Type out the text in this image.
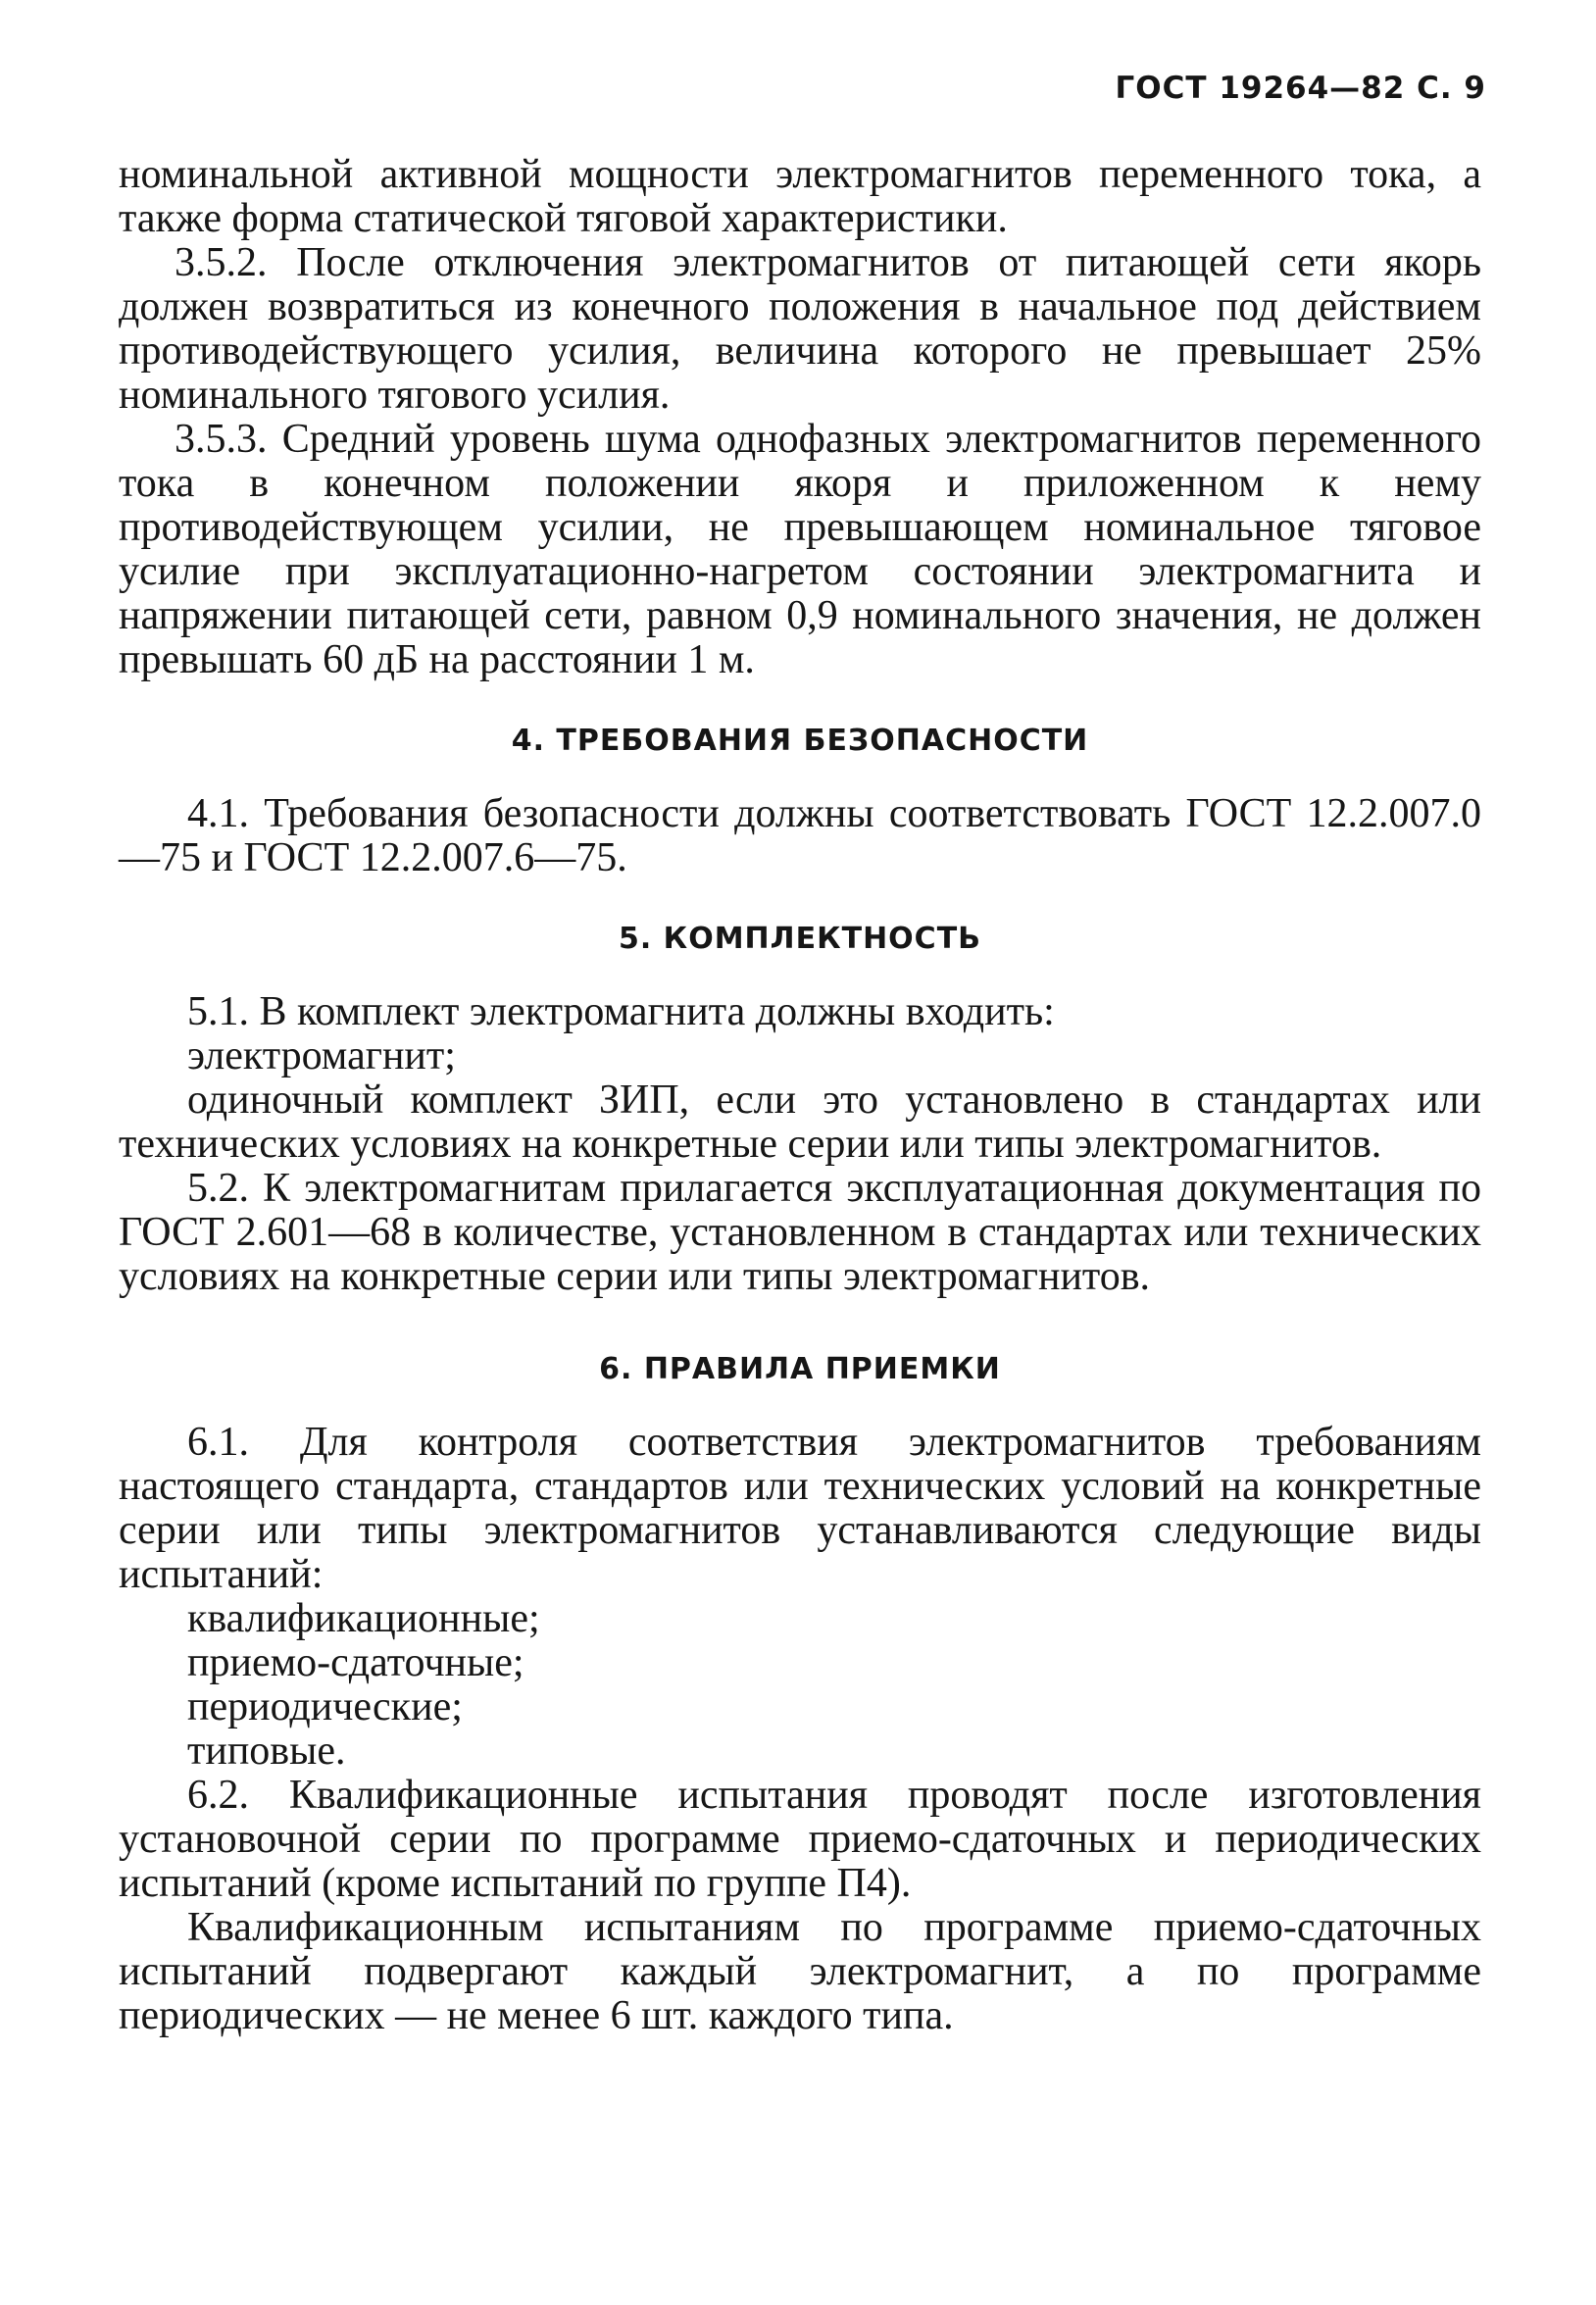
ГОСТ 19264—82 С. 9

номинальной активной мощности электромагнитов переменного тока, а также форма статической тяговой характеристики.

3.5.2. После отключения электромагнитов от питающей сети якорь должен возвратиться из конечного положения в начальное под действием противодействующего усилия, величина которого не превышает 25% номинального тягового усилия.

3.5.3. Средний уровень шума однофазных электромагнитов переменного тока в конечном положении якоря и приложенном к нему противодействующем усилии, не превышающем номинальное тяговое усилие при эксплуатационно-нагретом состоянии электромагнита и напряжении питающей сети, равном 0,9 номинального значения, не должен превышать 60 дБ на расстоянии 1 м.

4. ТРЕБОВАНИЯ БЕЗОПАСНОСТИ

4.1. Требования безопасности должны соответствовать ГОСТ 12.2.007.0—75 и ГОСТ 12.2.007.6—75.

5. КОМПЛЕКТНОСТЬ

5.1. В комплект электромагнита должны входить:

электромагнит;

одиночный комплект ЗИП, если это установлено в стандартах или технических условиях на конкретные серии или типы электромагнитов.

5.2. К электромагнитам прилагается эксплуатационная документация по ГОСТ 2.601—68 в количестве, установленном в стандартах или технических условиях на конкретные серии или типы электромагнитов.

6. ПРАВИЛА ПРИЕМКИ

6.1. Для контроля соответствия электромагнитов требованиям настоящего стандарта, стандартов или технических условий на конкретные серии или типы электромагнитов устанавливаются следующие виды испытаний:

квалификационные;

приемо-сдаточные;

периодические;

типовые.

6.2. Квалификационные испытания проводят после изготовления установочной серии по программе приемо-сдаточных и периодических испытаний (кроме испытаний по группе П4).

Квалификационным испытаниям по программе приемо-сдаточных испытаний подвергают каждый электромагнит, а по программе периодических — не менее 6 шт. каждого типа.
